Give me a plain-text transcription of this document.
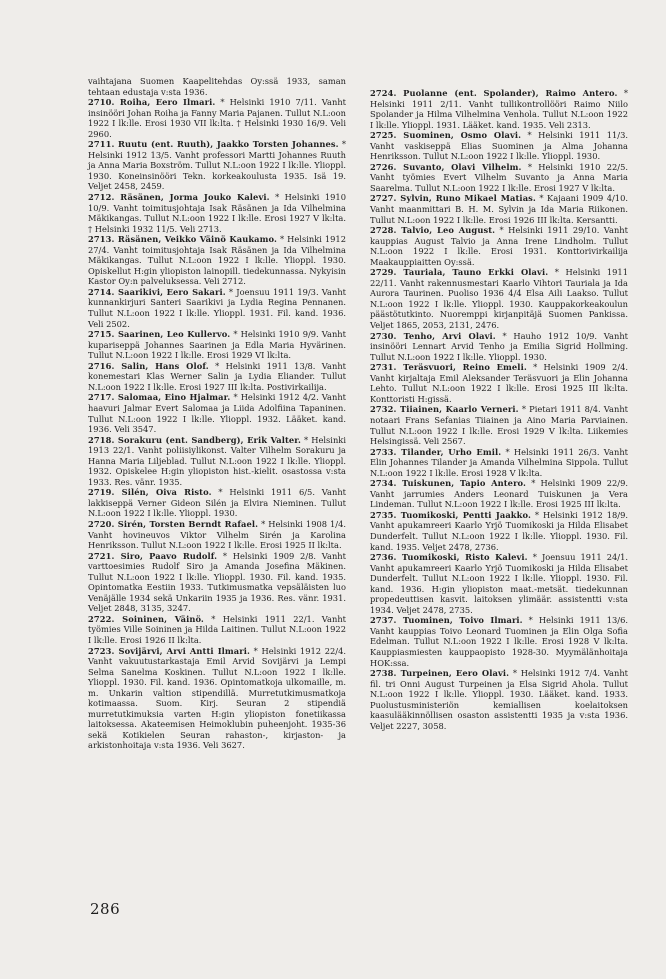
vaihtajana Suomen Kaapelitehdas Oy:ssä 1933, saman tehtaan edustaja v:sta 1936.

2710. Roiha, Eero Ilmari. * Helsinki 1910 7/11. Vanht insinööri Johan Roiha ja Fanny Maria Pajanen. Tullut N.L:oon 1922 I lk:lle. Erosi 1930 VII lk:lta. † Helsinki 1930 16/9. Veli 2960.

2711. Ruutu (ent. Ruuth), Jaakko Torsten Johannes. * Helsinki 1912 13/5. Vanht professori Martti Johannes Ruuth ja Anna Maria Boxström. Tullut N.L:oon 1922 I lk:lle. Ylioppl. 1930. Koneinsinööri Tekn. korkeakoulusta 1935. Isä 19. Veljet 2458, 2459.

2712. Räsänen, Jorma Jouko Kalevi. * Helsinki 1910 10/9. Vanht toimitusjohtaja Isak Räsänen ja Ida Vilhelmina Mäkikangas. Tullut N.L:oon 1922 I lk:lle. Erosi 1927 V lk:lta. † Helsinki 1932 11/5. Veli 2713.

2713. Räsänen, Veikko Väinö Kaukamo. * Helsinki 1912 27/4. Vanht toimitusjohtaja Isak Räsänen ja Ida Vilhelmina Mäkikangas. Tullut N.L:oon 1922 I lk:lle. Ylioppl. 1930. Opiskellut H:gin yliopiston lainopill. tiedekunnassa. Nykyisin Kastor Oy:n palveluksessa. Veli 2712.

2714. Saarikivi, Eero Sakari. * Joensuu 1911 19/3. Vanht kunnankirjuri Santeri Saarikivi ja Lydia Regina Pennanen. Tullut N.L:oon 1922 I lk:lle. Ylioppl. 1931. Fil. kand. 1936. Veli 2502.

2715. Saarinen, Leo Kullervo. * Helsinki 1910 9/9. Vanht kupariseppä Johannes Saarinen ja Edla Maria Hyvärinen. Tullut N.L:oon 1922 I lk:lle. Erosi 1929 VI lk:lta.

2716. Salin, Hans Olof. * Helsinki 1911 13/8. Vanht konemestari Klas Werner Salin ja Lydia Eliander. Tullut N.L:oon 1922 I lk:lle. Erosi 1927 III lk:lta. Postivirkailija.

2717. Salomaa, Eino Hjalmar. * Helsinki 1912 4/2. Vanht haavuri Jalmar Evert Salomaa ja Liida Adolfiina Tapaninen. Tullut N.L:oon 1922 I lk:lle. Ylioppl. 1932. Lääket. kand. 1936. Veli 3547.

2718. Sorakuru (ent. Sandberg), Erik Valter. * Helsinki 1913 22/1. Vanht poliisiylikonst. Valter Vilhelm Sorakuru ja Hanna Maria Liljeblad. Tullut N.L:oon 1922 I lk:lle. Ylioppl. 1932. Opiskelee H:gin yliopiston hist.-kielit. osastossa v:sta 1933. Res. vänr. 1935.

2719. Silén, Oiva Risto. * Helsinki 1911 6/5. Vanht lakkiseppä Verner Gideon Silén ja Elvira Nieminen. Tullut N.L:oon 1922 I lk:lle. Ylioppl. 1930.

2720. Sirén, Torsten Berndt Rafael. * Helsinki 1908 1/4. Vanht hovineuvos Viktor Vilhelm Sirén ja Karolina Henriksson. Tullut N.L:oon 1922 I lk:lle. Erosi 1925 II lk:lta.

2721. Siro, Paavo Rudolf. * Helsinki 1909 2/8. Vanht varttoesimies Rudolf Siro ja Amanda Josefina Mäkinen. Tullut N.L:oon 1922 I lk:lle. Ylioppl. 1930. Fil. kand. 1935. Opintomatka Eestiin 1933. Tutkimusmatka vepsäläisten luo Venäjälle 1934 sekä Unkariin 1935 ja 1936. Res. vänr. 1931. Veljet 2848, 3135, 3247.

2722. Soininen, Väinö. * Helsinki 1911 22/1. Vanht työmies Ville Soininen ja Hilda Laitinen. Tullut N.L:oon 1922 I lk:lle. Erosi 1926 II lk:lta.

2723. Sovijärvi, Arvi Antti Ilmari. * Helsinki 1912 22/4. Vanht vakuutustarkastaja Emil Arvid Sovijärvi ja Lempi Selma Sanelma Koskinen. Tullut N.L:oon 1922 I lk:lle. Ylioppl. 1930. Fil. kand. 1936. Opintomatkoja ulkomaille, m. m. Unkarin valtion stipendillä. Murretutkimusmatkoja kotimaassa. Suom. Kirj. Seuran 2 stipendiä murretutkimuksia varten H:gin yliopiston fonetiikassa laitoksessa. Akateemisen Heimoklubin puheenjoht. 1935-36 sekä Kotikielen Seuran rahaston-, kirjaston- ja arkistonhoitaja v:sta 1936. Veli 3627.

2724. Puolanne (ent. Spolander), Raimo Antero. * Helsinki 1911 2/11. Vanht tullikontrollööri Raimo Niilo Spolander ja Hilma Vilhelmina Venhola. Tullut N.L:oon 1922 I lk:lle. Ylioppl. 1931. Lääket. kand. 1935. Veli 2313.

2725. Suominen, Osmo Olavi. * Helsinki 1911 11/3. Vanht vaskiseppä Elias Suominen ja Alma Johanna Henriksson. Tullut N.L:oon 1922 I lk:lle. Ylioppl. 1930.

2726. Suvanto, Olavi Vilhelm. * Helsinki 1910 22/5. Vanht työmies Evert Vilhelm Suvanto ja Anna Maria Saarelma. Tullut N.L:oon 1922 I lk:lle. Erosi 1927 V lk:lta.

2727. Sylvin, Runo Mikael Matias. * Kajaani 1909 4/10. Vanht maanmittari B. H. M. Sylvin ja Ida Maria Riikonen. Tullut N.L:oon 1922 I lk:lle. Erosi 1926 III lk:lta. Kersantti.

2728. Talvio, Leo August. * Helsinki 1911 29/10. Vanht kauppias August Talvio ja Anna Irene Lindholm. Tullut N.L:oon 1922 I lk:lle. Erosi 1931. Konttorivirkailija Maakauppiaitten Oy:ssä.

2729. Tauriala, Tauno Erkki Olavi. * Helsinki 1911 22/11. Vanht rakennusmestari Kaarlo Vihtori Tauriala ja Ida Aurora Taurinen. Puoliso 1936 4/4 Elsa Aili Laakso. Tullut N.L:oon 1922 I lk:lle. Ylioppl. 1930. Kauppakorkeakoulun päästötutkinto. Nuoremppi kirjanpitäjä Suomen Pankissa. Veljet 1865, 2053, 2131, 2476.

2730. Tenho, Arvi Olavi. * Hauho 1912 10/9. Vanht insinööri Lennart Arvid Tenho ja Emilia Sigrid Hollming. Tullut N.L:oon 1922 I lk:lle. Ylioppl. 1930.

2731. Teräsvuori, Reino Emeli. * Helsinki 1909 2/4. Vanht kirjaltaja Emil Aleksander Teräsvuori ja Elin Johanna Lehto. Tullut N.L:oon 1922 I lk:lle. Erosi 1925 III lk:lta. Konttoristi H:gissä.

2732. Tiiainen, Kaarlo Verneri. * Pietari 1911 8/4. Vanht notaari Frans Sefanias Tiiainen ja Aino Maria Parviainen. Tullut N.L:oon 1922 I lk:lle. Erosi 1929 V lk:lta. Liikemies Helsingissä. Veli 2567.

2733. Tilander, Urho Emil. * Helsinki 1911 26/3. Vanht Elin Johannes Tilander ja Amanda Vilhelmina Sippola. Tullut N.L:oon 1922 I lk:lle. Erosi 1928 V lk:lta.

2734. Tuiskunen, Tapio Antero. * Helsinki 1909 22/9. Vanht jarrumies Anders Leonard Tuiskunen ja Vera Lindeman. Tullut N.L:oon 1922 I lk:lle. Erosi 1925 III lk:lta.

2735. Tuomikoski, Pentti Jaakko. * Helsinki 1912 18/9. Vanht apukamreeri Kaarlo Yrjö Tuomikoski ja Hilda Elisabet Dunderfelt. Tullut N.L:oon 1922 I lk:lle. Ylioppl. 1930. Fil. kand. 1935. Veljet 2478, 2736.

2736. Tuomikoski, Risto Kalevi. * Joensuu 1911 24/1. Vanht apukamreeri Kaarlo Yrjö Tuomikoski ja Hilda Elisabet Dunderfelt. Tullut N.L:oon 1922 I lk:lle. Ylioppl. 1930. Fil. kand. 1936. H:gin yliopiston maat.-metsät. tiedekunnan propedeuttisen kasvit. laitoksen ylimäär. assistentti v:sta 1934. Veljet 2478, 2735.

2737. Tuominen, Toivo Ilmari. * Helsinki 1911 13/6. Vanht kauppias Toivo Leonard Tuominen ja Elin Olga Sofia Edelman. Tullut N.L:oon 1922 I lk:lle. Erosi 1928 V lk:lta. Kauppiasmiesten kauppaopisto 1928-30. Myymälänhoitaja HOK:ssa.

2738. Turpeinen, Eero Olavi. * Helsinki 1912 7/4. Vanht fil. tri Onni August Turpeinen ja Elsa Sigrid Ahola. Tullut N.L:oon 1922 I lk:lle. Ylioppl. 1930. Lääket. kand. 1933. Puolustusministeriön kemiallisen koelaitoksen kaasulääkinnöllisen osaston assistentti 1935 ja v:sta 1936. Veljet 2227, 3058.

286
